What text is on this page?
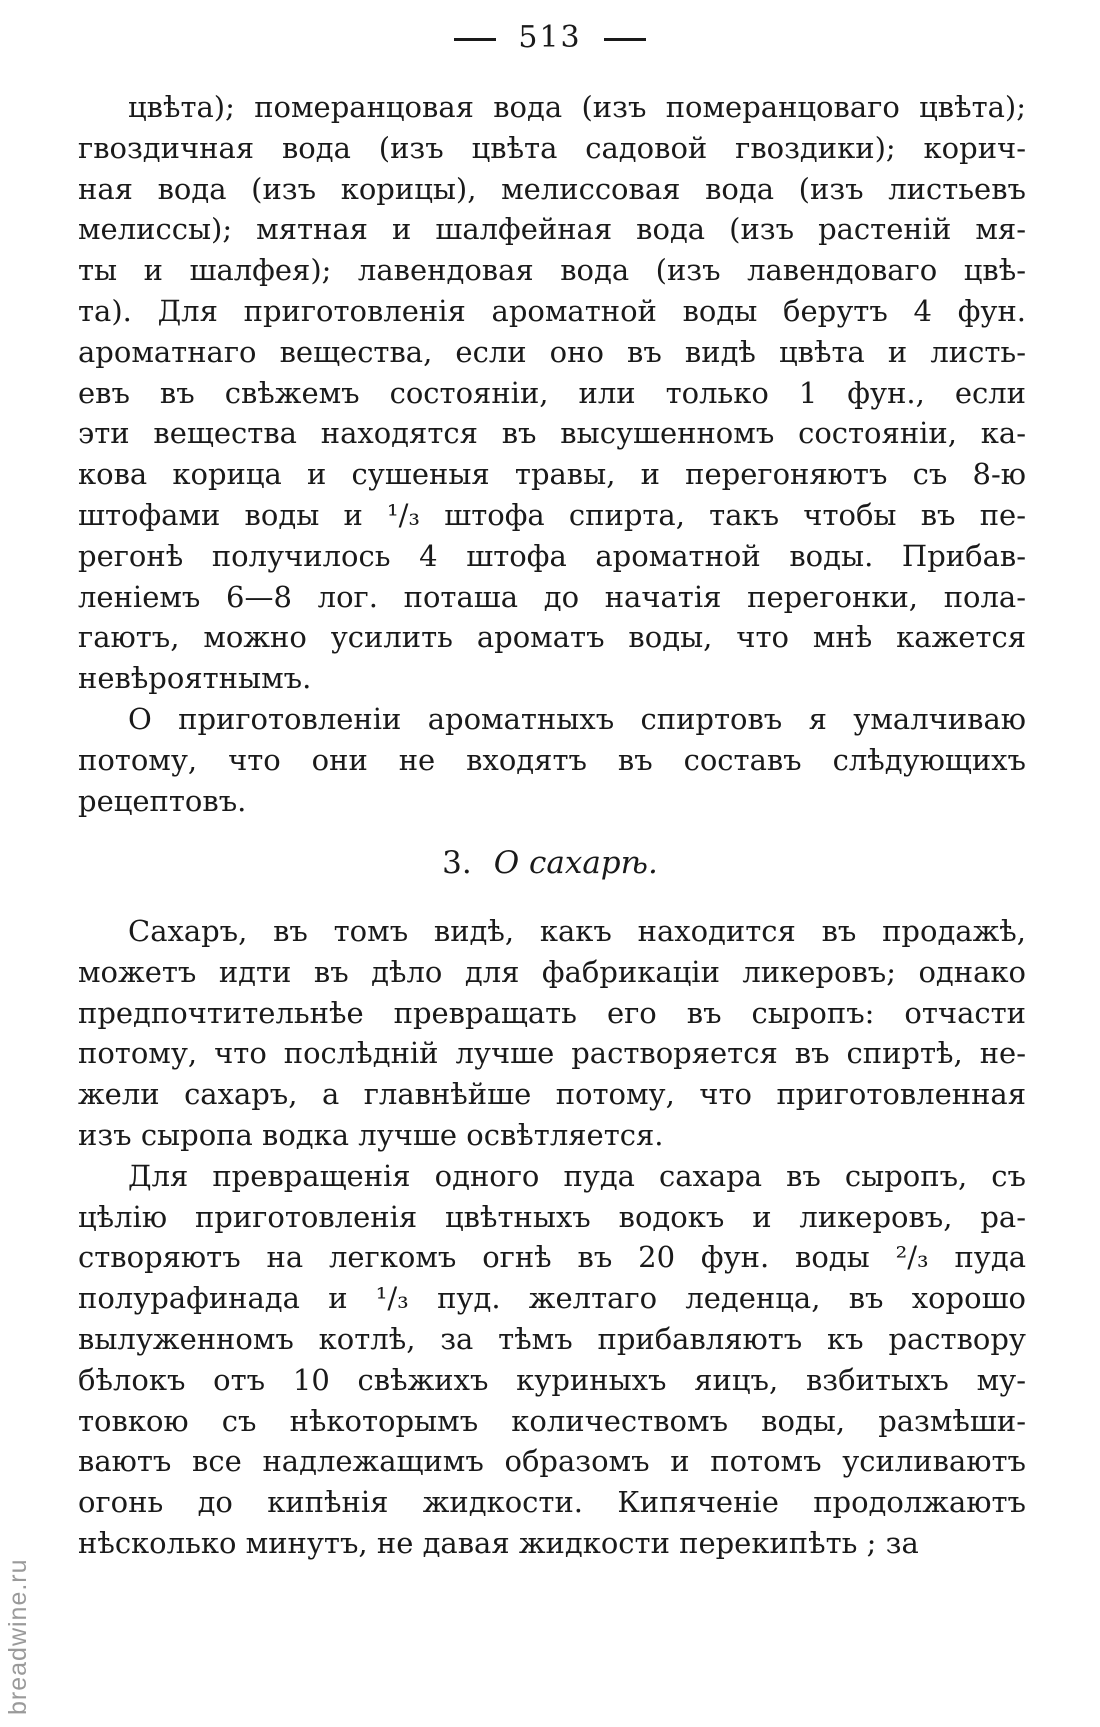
513
цвѣта); померанцовая вода (изъ померанцоваго цвѣта);
гвоздичная вода (изъ цвѣта садовой гвоздики); корич-
ная вода (изъ корицы), мелиссовая вода (изъ листьевъ
мелиссы); мятная и шалфейная вода (изъ растенiй мя-
ты и шалфея); лавендовая вода (изъ лавендоваго цвѣ-
та). Для приготовленiя ароматной воды берутъ 4 фун.
ароматнаго вещества, если оно въ видѣ цвѣта и листь-
евъ въ свѣжемъ состоянiи, или только 1 фун., если
эти вещества находятся въ высушенномъ состоянiи, ка-
кова корица и сушеныя травы, и перегоняютъ съ 8-ю
штофами воды и ¹/₃ штофа спирта, такъ чтобы въ пе-
регонѣ получилось 4 штофа ароматной воды. Прибав-
ленiемъ 6—8 лог. поташа до начатiя перегонки, пола-
гаютъ, можно усилить ароматъ воды, что мнѣ кажется
невѣроятнымъ.
О приготовленiи ароматныхъ спиртовъ я умалчиваю
потому, что они не входятъ въ составъ слѣдующихъ
рецептовъ.
3. О сахарѣ.
Сахаръ, въ томъ видѣ, какъ находится въ продажѣ,
можетъ идти въ дѣло для фабрикацiи ликеровъ; однако
предпочтительнѣе превращать его въ сыропъ: отчасти
потому, что послѣднiй лучше растворяется въ спиртѣ, не-
жели сахаръ, а главнѣйше потому, что приготовленная
изъ сыропа водка лучше освѣтляется.
Для превращенiя одного пуда сахара въ сыропъ, съ
цѣлiю приготовленiя цвѣтныхъ водокъ и ликеровъ, ра-
створяютъ на легкомъ огнѣ въ 20 фун. воды ²/₃ пуда
полурафинада и ¹/₃ пуд. желтаго леденца, въ хорошо
вылуженномъ котлѣ, за тѣмъ прибавляютъ къ раствору
бѣлокъ отъ 10 свѣжихъ куриныхъ яицъ, взбитыхъ му-
товкою съ нѣкоторымъ количествомъ воды, размѣши-
ваютъ все надлежащимъ образомъ и потомъ усиливаютъ
огонь до кипѣнiя жидкости. Кипяченiе продолжаютъ
нѣсколько минутъ, не давая жидкости перекипѣть ; за
breadwine.ru
